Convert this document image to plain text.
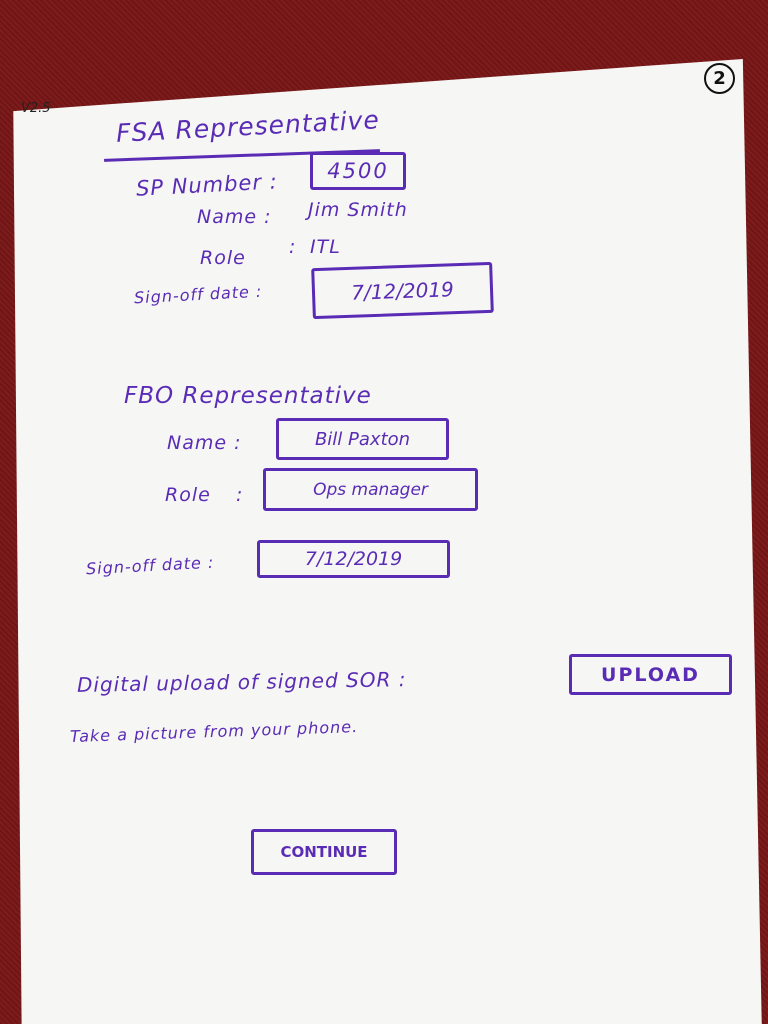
2
V2.5	FSA Representative
SP Number :	4500
Name : Jim Smith
Role : ITL
Sign-off date :	7/12/2019
FBO Representative
Name :	Bill Paxton
Role :	Ops manager
Sign-off date :	7/12/2019
Digital upload of signed SOR :	UPLOAD
Take a picture from your phone.
CONTINUE
